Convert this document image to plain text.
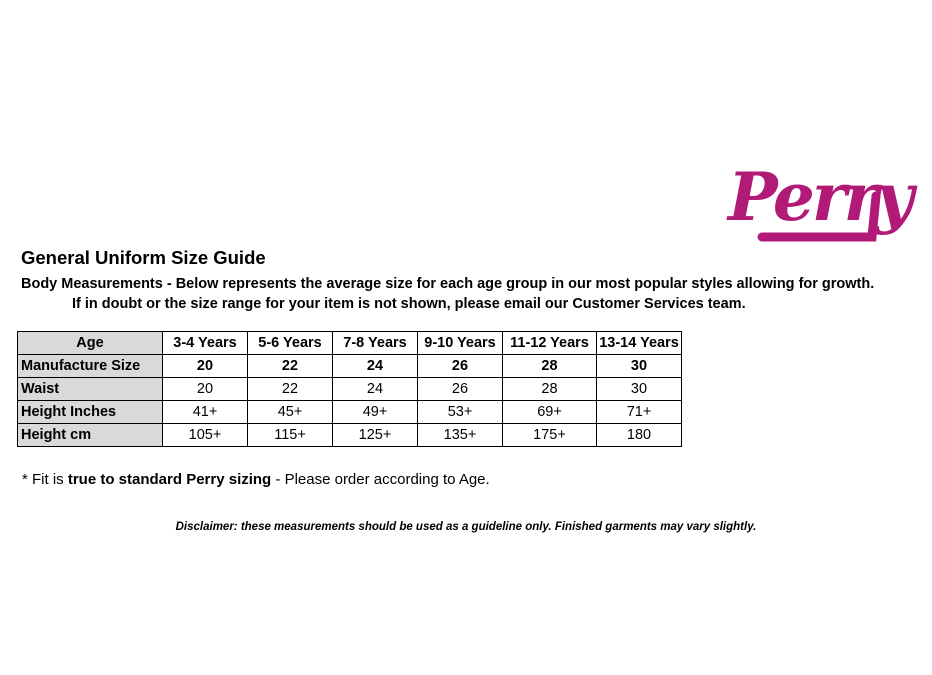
Perry
General Uniform Size Guide
Body Measurements - Below represents the average size for each age group in our most popular styles allowing for growth.
If in doubt or the size range for your item is not shown, please email our Customer Services team.
Age	3-4 Years	5-6 Years	7-8 Years	9-10 Years	11-12 Years	13-14 Years
Manufacture Size	20	22	24	26	28	30
Waist	20	22	24	26	28	30
Height Inches	41+	45+	49+	53+	69+	71+
Height cm	105+	115+	125+	135+	175+	180
* Fit is true to standard Perry sizing - Please order according to Age.
Disclaimer: these measurements should be used as a guideline only. Finished garments may vary slightly.
